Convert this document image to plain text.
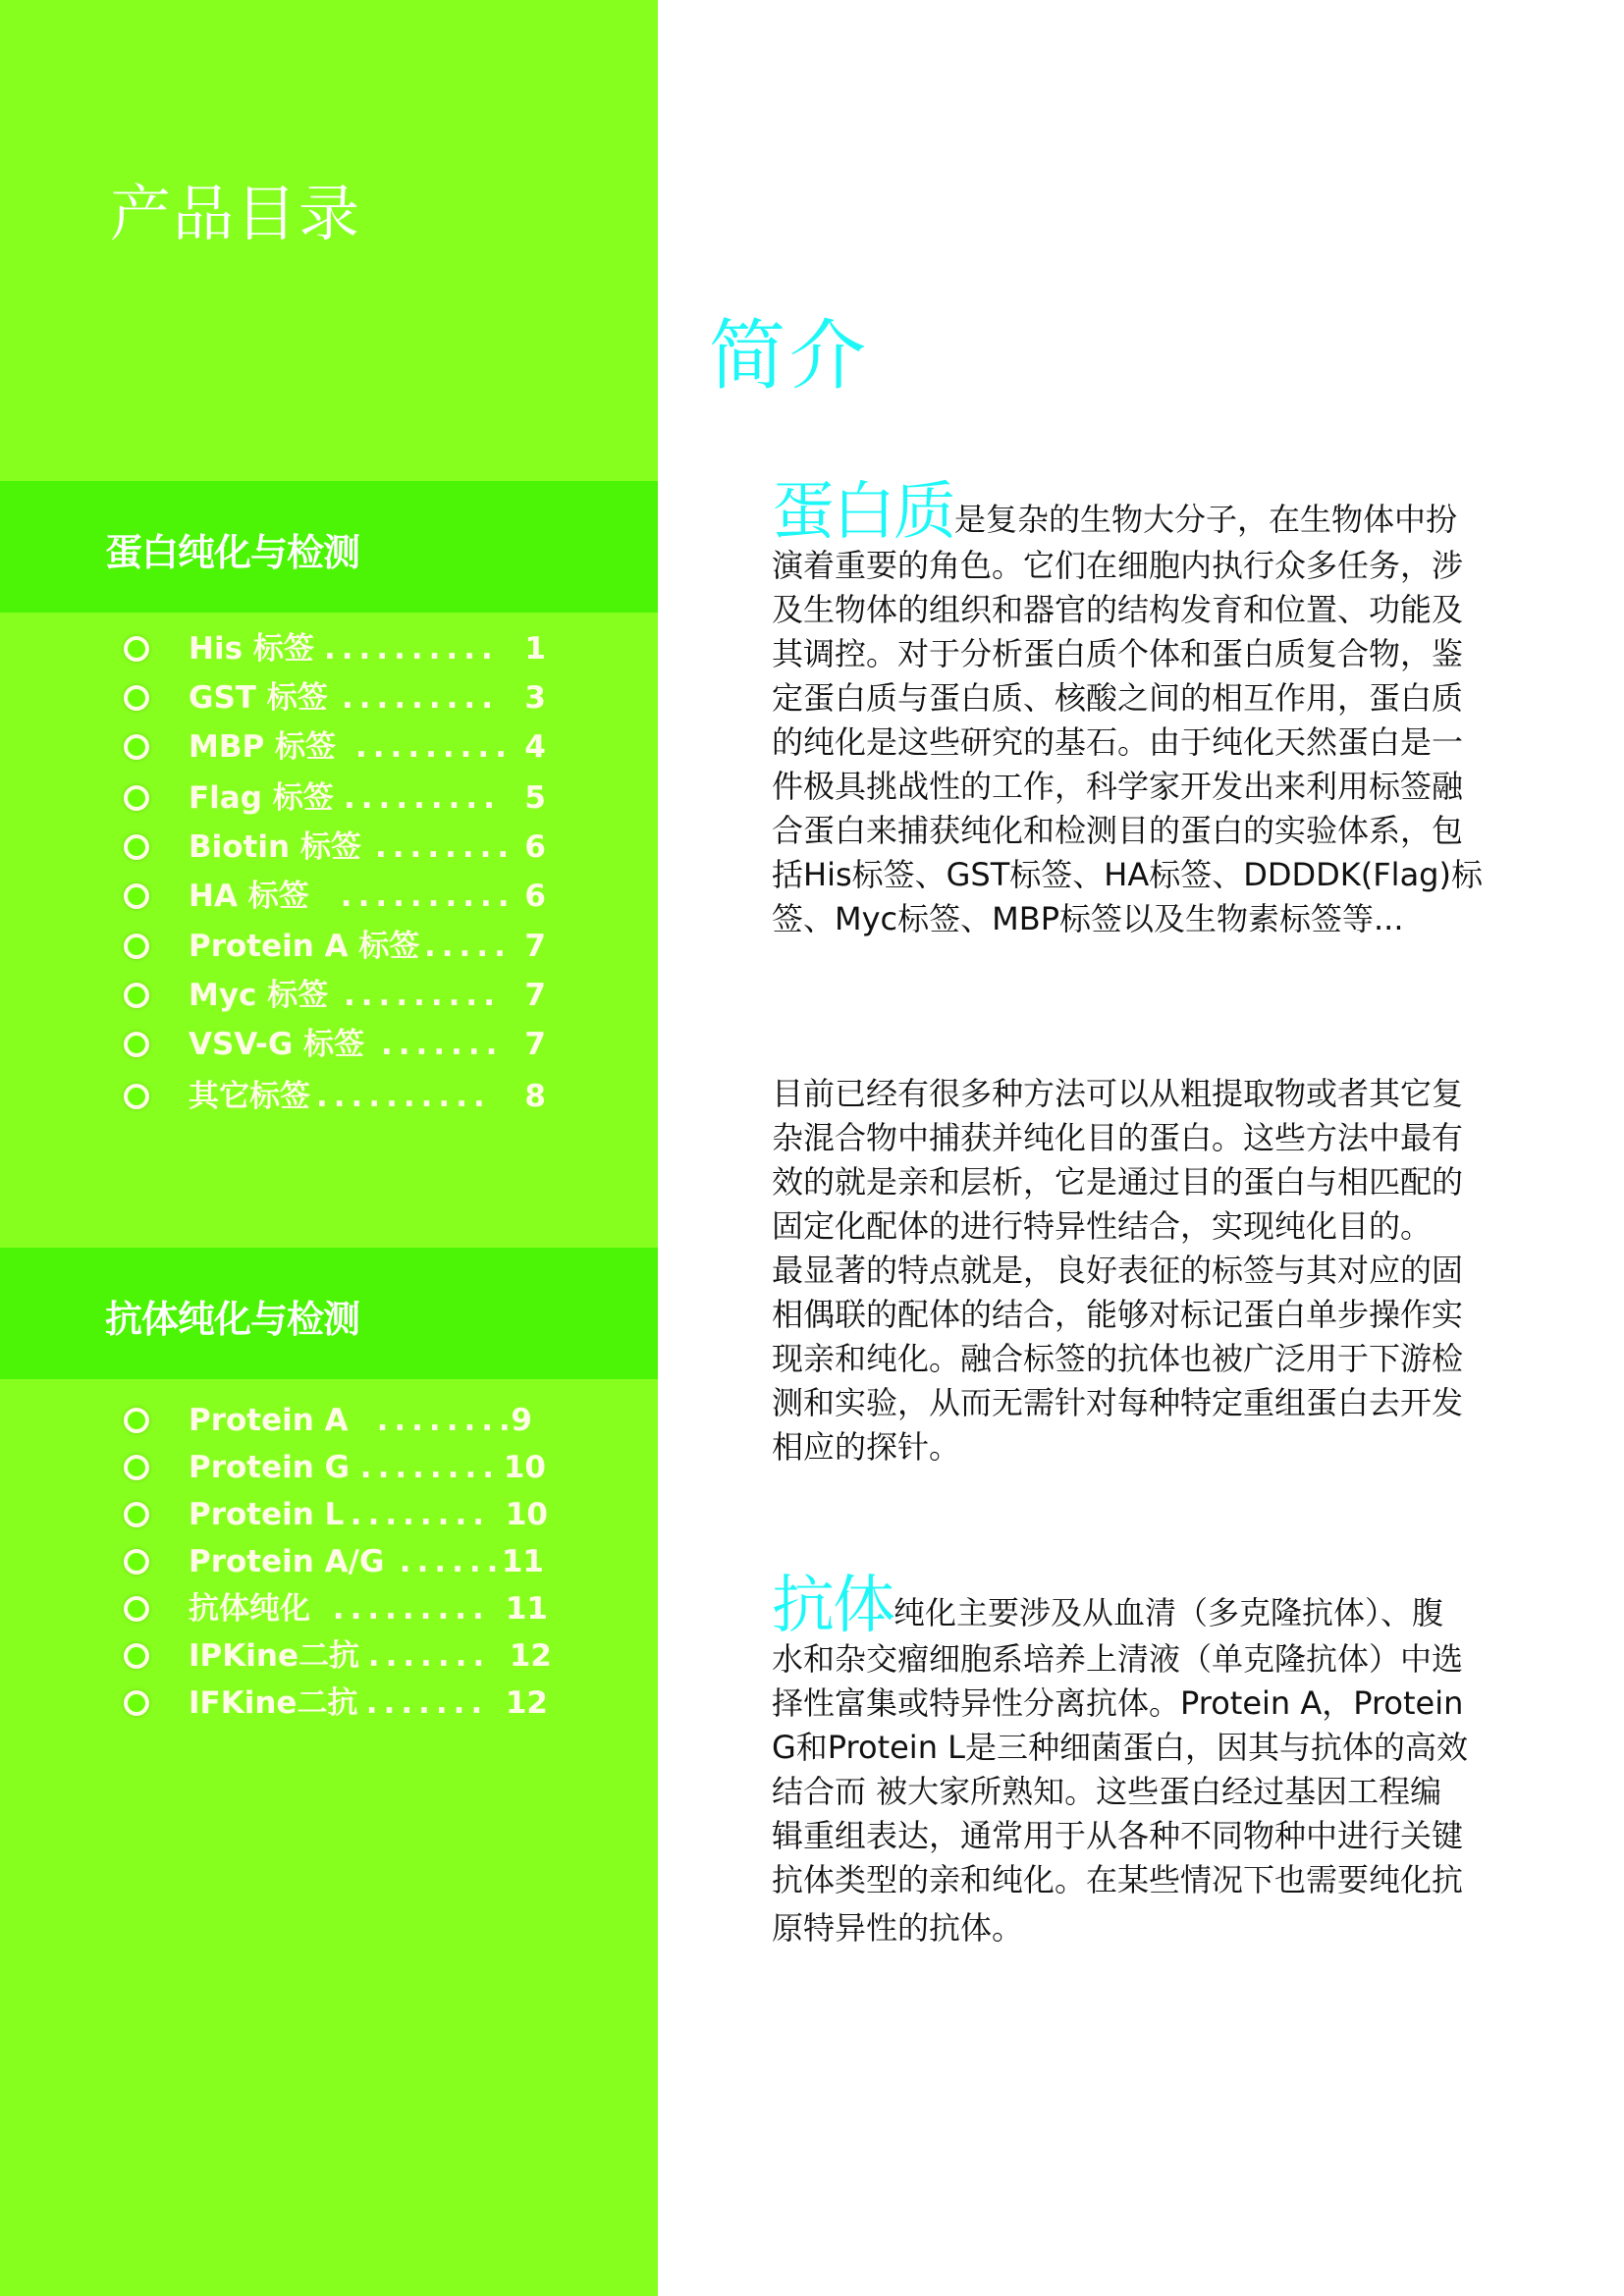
产品目录
蛋白纯化与检测
His 标签 .......... 1
GST 标签 ......... 3
MBP 标签 ......... 4
Flag 标签 ......... 5
Biotin 标签 ........ 6
HA 标签 .......... 6
Protein A 标签 ..... 7
Myc 标签 ......... 7
VSV-G 标签 ....... 7
其它标签 .......... 8
抗体纯化与检测
Protein A
........
9
Protein G
........ 10
Protein L
........ 10
Protein A/G
......
11
抗体纯化 ......... 11
IPKine二抗
....... 12
IFKine二抗
....... 12
简介
蛋白质 是复杂的生物大分子，在生物体中扮
演着重要的角色。它们在细胞内执行众多任务，涉
及生物体的组织和器官的结构发育和位置、功能及
其调控。对于分析蛋白质个体和蛋白质复合物，鉴
定蛋白质与蛋白质、核酸之间的相互作用，蛋白质
的纯化是这些研究的基石。由于纯化天然蛋白是一
件极具挑战性的工作，科学家开发出来利用标签融
合蛋白来捕获纯化和检测目的蛋白的实验体系，包
括His标签、GST标签、HA标签、DDDDK(Flag)标
签、Myc标签、MBP标签以及生物素标签等...
目前已经有很多种方法可以从粗提取物或者其它复
杂混合物中捕获并纯化目的蛋白。这些方法中最有
效的就是亲和层析，它是通过目的蛋白与相匹配的
固定化配体的进行特异性结合，实现纯化目的。
最显著的特点就是，良好表征的标签与其对应的固
相偶联的配体的结合，能够对标记蛋白单步操作实
现亲和纯化。融合标签的抗体也被广泛用于下游检
测和实验，从而无需针对每种特定重组蛋白去开发
相应的探针。
抗体 纯化主要涉及从血清（多克隆抗体）、腹
水和杂交瘤细胞系培养上清液（单克隆抗体）中选
择性富集或特异性分离抗体。Protein A，Protein
G和Protein L是三种细菌蛋白，因其与抗体的高效
结合而 被大家所熟知。这些蛋白经过基因工程编
辑重组表达，通常用于从各种不同物种中进行关键
抗体类型的亲和纯化。在某些情况下也需要纯化抗
原特异性的抗体。
